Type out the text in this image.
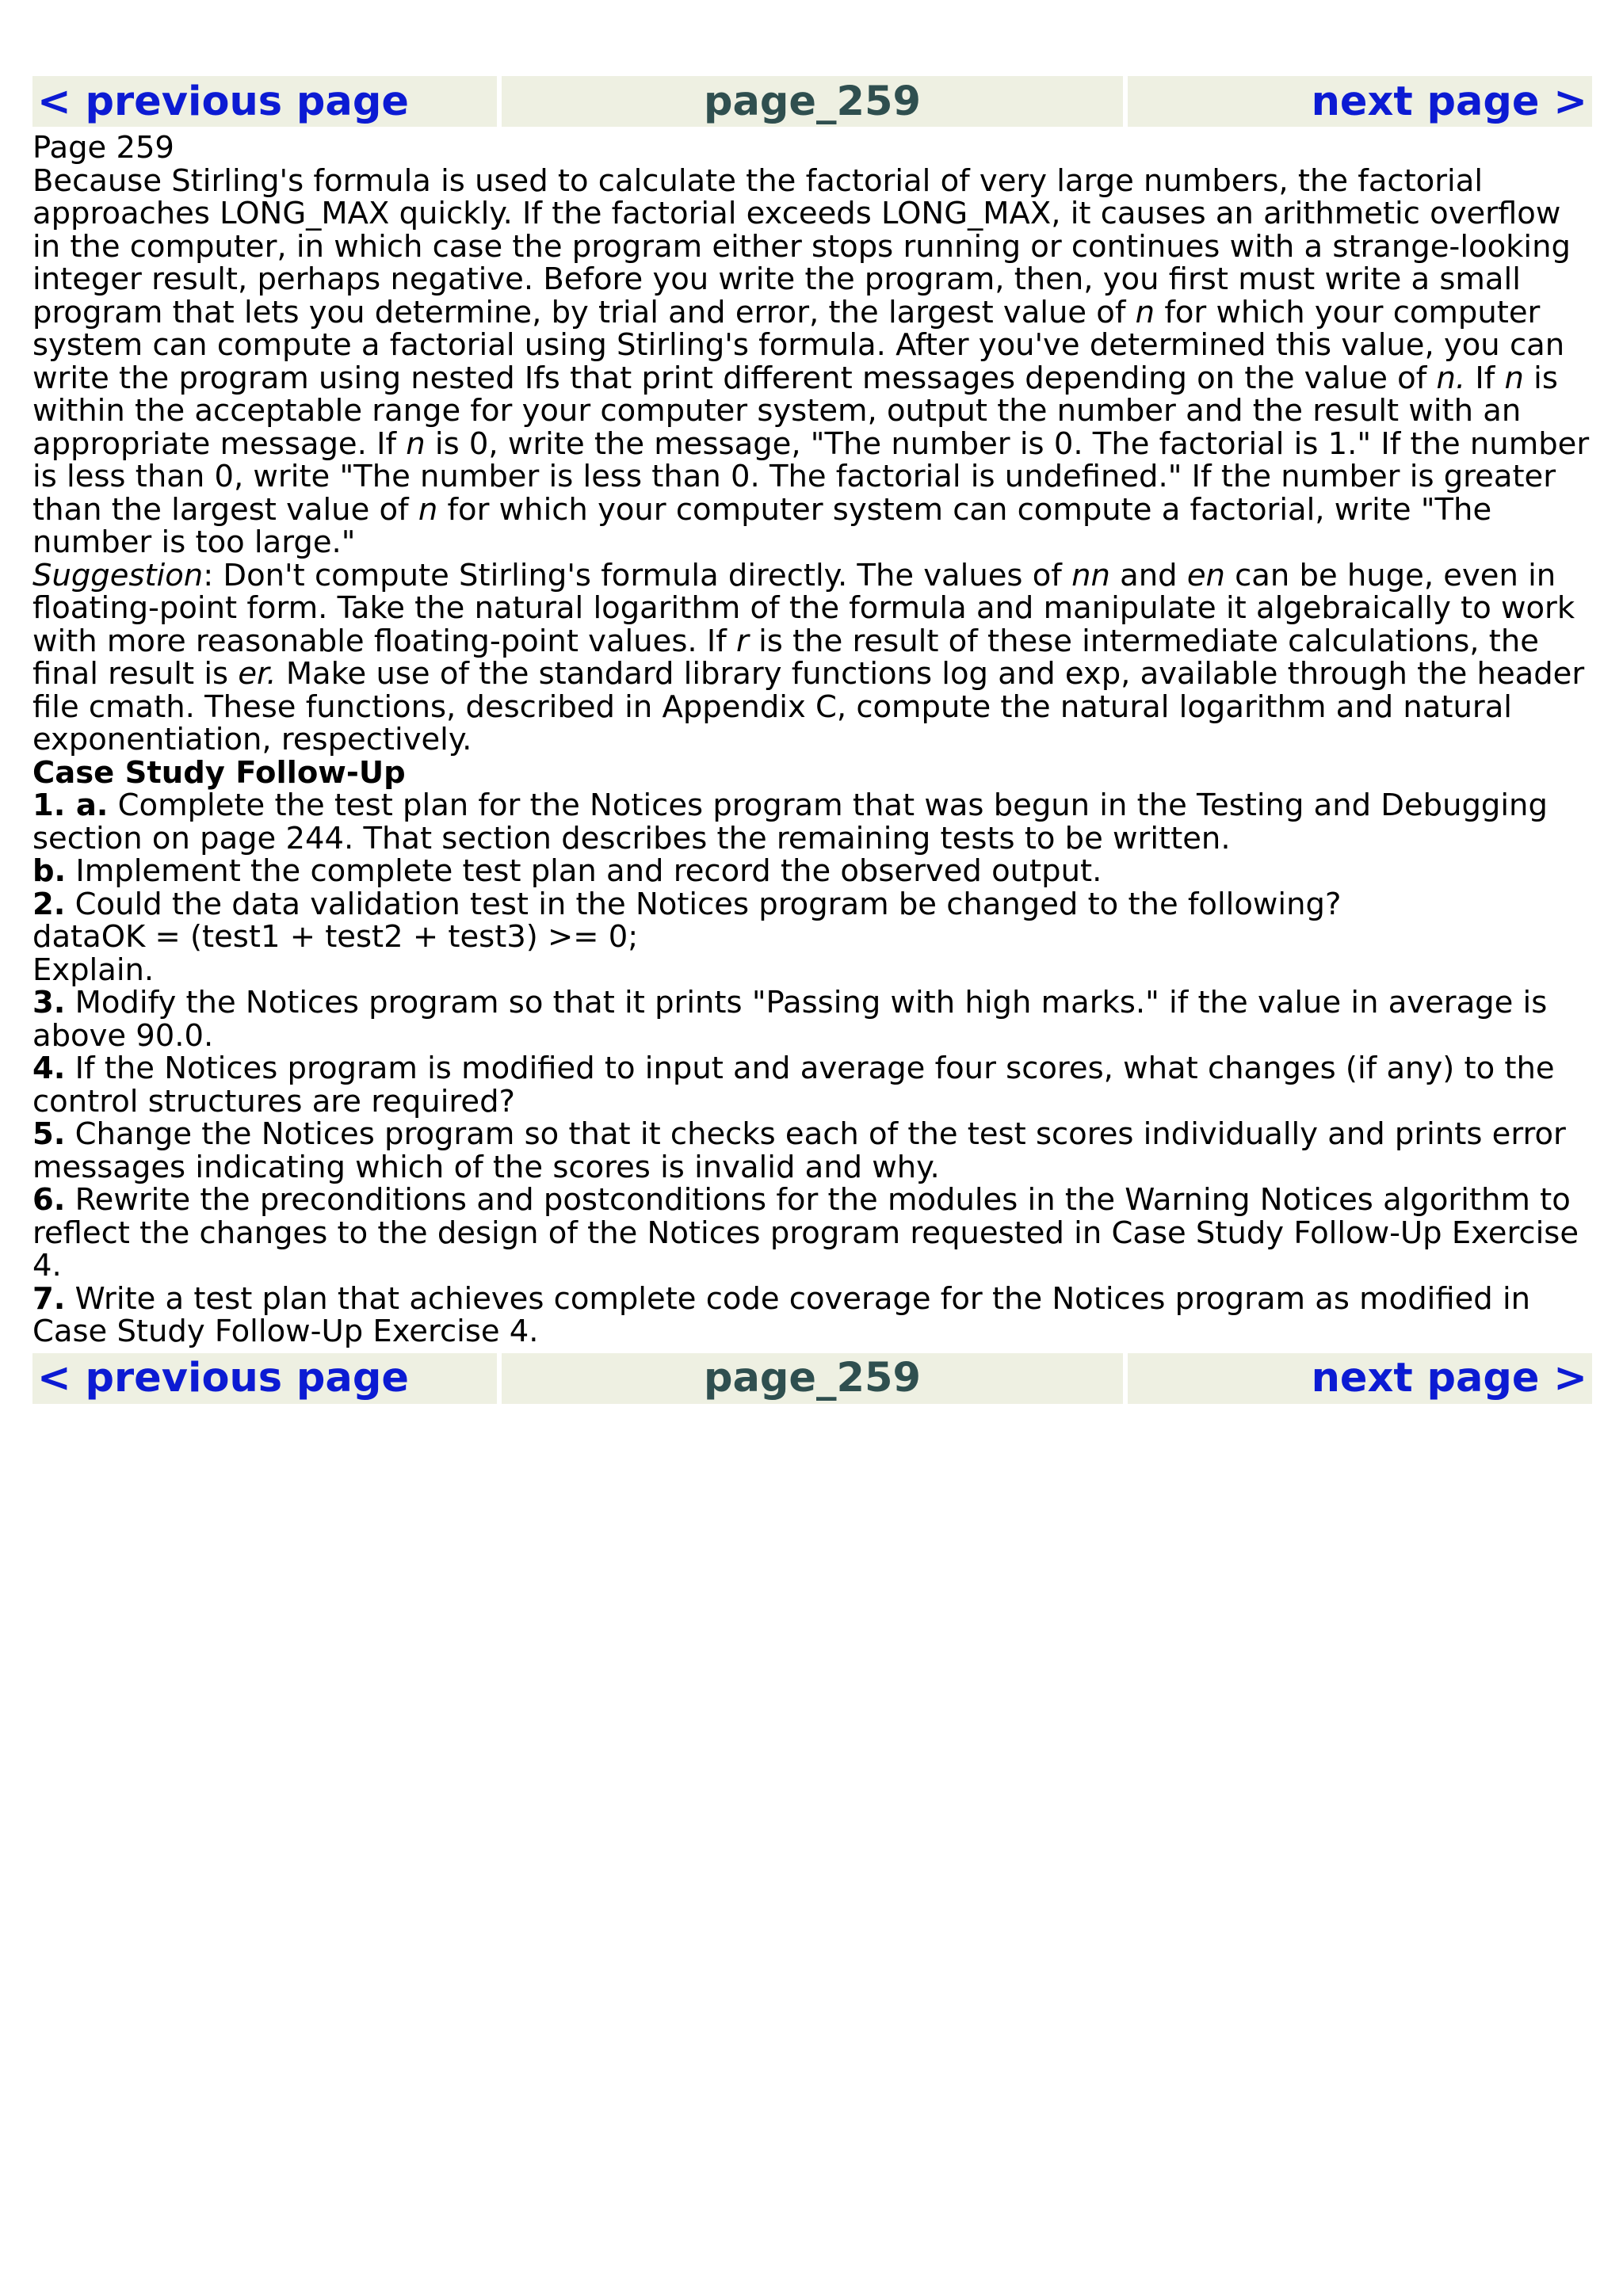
< previous page	page_259	next page >

Page 259

Because Stirling's formula is used to calculate the factorial of very large numbers, the factorial approaches LONG_MAX quickly. If the factorial exceeds LONG_MAX, it causes an arithmetic overflow in the computer, in which case the program either stops running or continues with a strange-looking integer result, perhaps negative. Before you write the program, then, you first must write a small program that lets you determine, by trial and error, the largest value of n for which your computer system can compute a factorial using Stirling's formula. After you've determined this value, you can write the program using nested Ifs that print different messages depending on the value of n. If n is within the acceptable range for your computer system, output the number and the result with an appropriate message. If n is 0, write the message, "The number is 0. The factorial is 1." If the number is less than 0, write "The number is less than 0. The factorial is undefined." If the number is greater than the largest value of n for which your computer system can compute a factorial, write "The number is too large."

Suggestion: Don't compute Stirling's formula directly. The values of nn and en can be huge, even in floating-point form. Take the natural logarithm of the formula and manipulate it algebraically to work with more reasonable floating-point values. If r is the result of these intermediate calculations, the final result is er. Make use of the standard library functions log and exp, available through the header file cmath. These functions, described in Appendix C, compute the natural logarithm and natural exponentiation, respectively.

Case Study Follow-Up

1. a. Complete the test plan for the Notices program that was begun in the Testing and Debugging section on page 244. That section describes the remaining tests to be written.

b. Implement the complete test plan and record the observed output.

2. Could the data validation test in the Notices program be changed to the following?

dataOK = (test1 + test2 + test3) >= 0;

Explain.

3. Modify the Notices program so that it prints "Passing with high marks." if the value in average is above 90.0.

4. If the Notices program is modified to input and average four scores, what changes (if any) to the control structures are required?

5. Change the Notices program so that it checks each of the test scores individually and prints error messages indicating which of the scores is invalid and why.

6. Rewrite the preconditions and postconditions for the modules in the Warning Notices algorithm to reflect the changes to the design of the Notices program requested in Case Study Follow-Up Exercise 4.

7. Write a test plan that achieves complete code coverage for the Notices program as modified in Case Study Follow-Up Exercise 4.

< previous page	page_259	next page >
